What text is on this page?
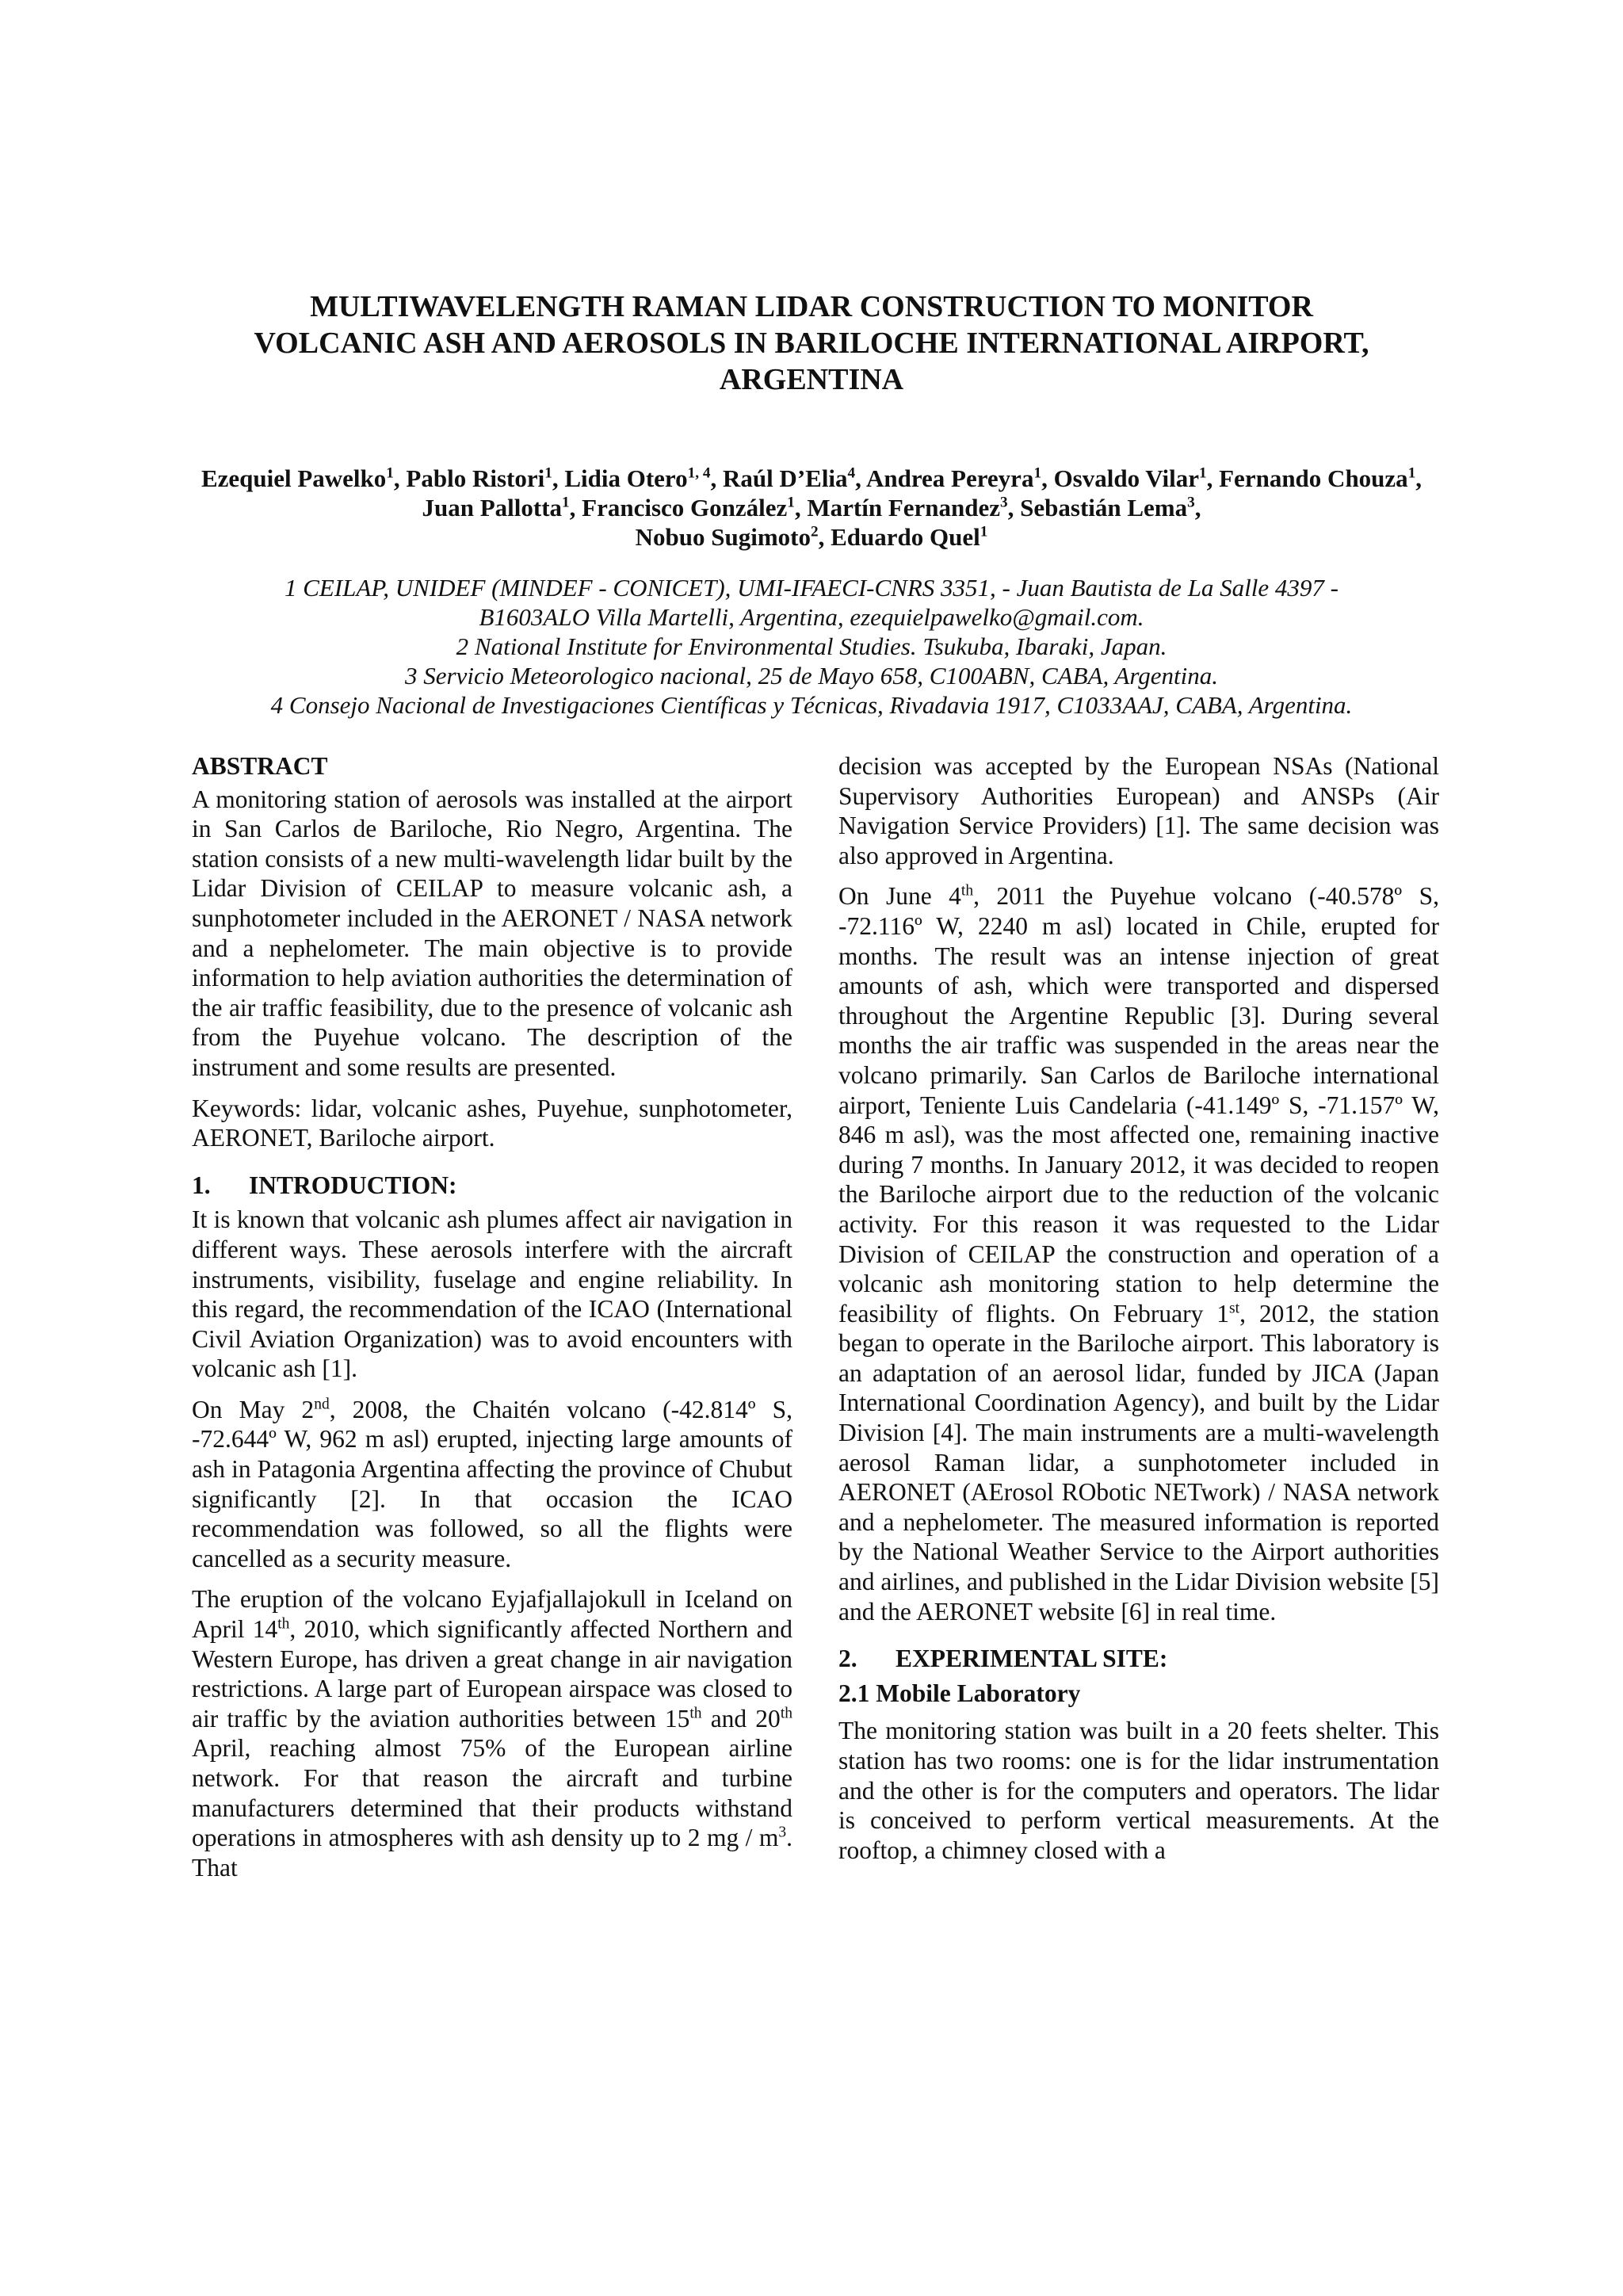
MULTIWAVELENGTH RAMAN LIDAR CONSTRUCTION TO MONITOR
VOLCANIC ASH AND AEROSOLS IN BARILOCHE INTERNATIONAL AIRPORT,
ARGENTINA
Ezequiel Pawelko$^1$, Pablo Ristori$^1$, Lidia Otero$^{1, 4}$, Raúl D’Elia$^4$, Andrea Pereyra$^1$, Osvaldo Vilar$^1$, Fernando Chouza$^1$,
Juan Pallotta$^1$, Francisco González$^1$, Martín Fernandez$^3$, Sebastián Lema$^3$,
Nobuo Sugimoto$^2$, Eduardo Quel$^1$
1 CEILAP, UNIDEF (MINDEF - CONICET), UMI-IFAECI-CNRS 3351, - Juan Bautista de La Salle 4397 -
B1603ALO Villa Martelli, Argentina, ezequielpawelko@gmail.com.
2 National Institute for Environmental Studies. Tsukuba, Ibaraki, Japan.
3 Servicio Meteorologico nacional, 25 de Mayo 658, C100ABN, CABA, Argentina.
4 Consejo Nacional de Investigaciones Científicas y Técnicas, Rivadavia 1917, C1033AAJ, CABA, Argentina.
ABSTRACT

A monitoring station of aerosols was installed at the airport in San Carlos de Bariloche, Rio Negro, Argentina. The station consists of a new multi-wavelength lidar built by the Lidar Division of CEILAP to measure volcanic ash, a sunphotometer included in the AERONET / NASA network and a nephelometer. The main objective is to provide information to help aviation authorities the determination of the air traffic feasibility, due to the presence of volcanic ash from the Puyehue volcano. The description of the instrument and some results are presented.

Keywords: lidar, volcanic ashes, Puyehue, sunphotometer, AERONET, Bariloche airport.

1. INTRODUCTION:

It is known that volcanic ash plumes affect air navigation in different ways. These aerosols interfere with the aircraft instruments, visibility, fuselage and engine reliability. In this regard, the recommendation of the ICAO (International Civil Aviation Organization) was to avoid encounters with volcanic ash [1].

On May 2nd, 2008, the Chaitén volcano (-42.814º S, -72.644º W, 962 m asl) erupted, injecting large amounts of ash in Patagonia Argentina affecting the province of Chubut significantly [2]. In that occasion the ICAO recommendation was followed, so all the flights were cancelled as a security measure.

The eruption of the volcano Eyjafjallajokull in Iceland on April 14th, 2010, which significantly affected Northern and Western Europe, has driven a great change in air navigation restrictions. A large part of European airspace was closed to air traffic by the aviation authorities between 15th and 20th April, reaching almost 75% of the European airline network. For that reason the aircraft and turbine manufacturers determined that their products withstand operations in atmospheres with ash density up to 2 mg / $m^3$. That

decision was accepted by the European NSAs (National Supervisory Authorities European) and ANSPs (Air Navigation Service Providers) [1]. The same decision was also approved in Argentina.

On June 4th, 2011 the Puyehue volcano (-40.578º S, -72.116º W, 2240 m asl) located in Chile, erupted for months. The result was an intense injection of great amounts of ash, which were transported and dispersed throughout the Argentine Republic [3]. During several months the air traffic was suspended in the areas near the volcano primarily. San Carlos de Bariloche international airport, Teniente Luis Candelaria (-41.149º S, -71.157º W, 846 m asl), was the most affected one, remaining inactive during 7 months. In January 2012, it was decided to reopen the Bariloche airport due to the reduction of the volcanic activity. For this reason it was requested to the Lidar Division of CEILAP the construction and operation of a volcanic ash monitoring station to help determine the feasibility of flights. On February 1st, 2012, the station began to operate in the Bariloche airport. This laboratory is an adaptation of an aerosol lidar, funded by JICA (Japan International Coordination Agency), and built by the Lidar Division [4]. The main instruments are a multi-wavelength aerosol Raman lidar, a sunphotometer included in AERONET (AErosol RObotic NETwork) / NASA network and a nephelometer. The measured information is reported by the National Weather Service to the Airport authorities and airlines, and published in the Lidar Division website [5] and the AERONET website [6] in real time.

2. EXPERIMENTAL SITE:
2.1 Mobile Laboratory

The monitoring station was built in a 20 feets shelter. This station has two rooms: one is for the lidar instrumentation and the other is for the computers and operators. The lidar is conceived to perform vertical measurements. At the rooftop, a chimney closed with a
